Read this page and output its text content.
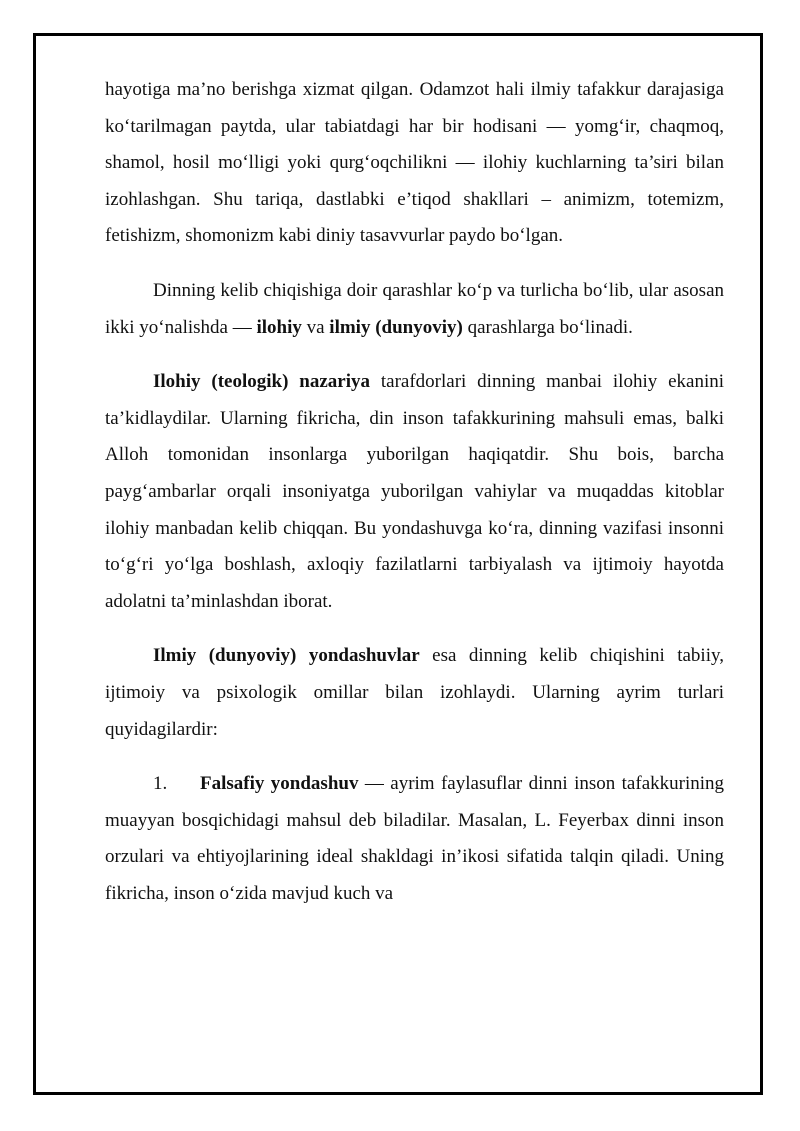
hayotiga ma’no berishga xizmat qilgan. Odamzot hali ilmiy tafakkur darajasiga ko‘tarilmagan paytda, ular tabiatdagi har bir hodisani — yomg‘ir, chaqmoq, shamol, hosil mo‘lligi yoki qurg‘oqchilikni — ilohiy kuchlarning ta’siri bilan izohlashgan. Shu tariqa, dastlabki e’tiqod shakllari – animizm, totemizm, fetishizm, shomonizm kabi diniy tasavvurlar paydo bo‘lgan.

Dinning kelib chiqishiga doir qarashlar ko‘p va turlicha bo‘lib, ular asosan ikki yo‘nalishda — ilohiy va ilmiy (dunyoviy) qarashlarga bo‘linadi.

Ilohiy (teologik) nazariya tarafdorlari dinning manbai ilohiy ekanini ta’kidlaydilar. Ularning fikricha, din inson tafakkurining mahsuli emas, balki Alloh tomonidan insonlarga yuborilgan haqiqatdir. Shu bois, barcha payg‘ambarlar orqali insoniyatga yuborilgan vahiylar va muqaddas kitoblar ilohiy manbadan kelib chiqqan. Bu yondashuvga ko‘ra, dinning vazifasi insonni to‘g‘ri yo‘lga boshlash, axloqiy fazilatlarni tarbiyalash va ijtimoiy hayotda adolatni ta’minlashdan iborat.

Ilmiy (dunyoviy) yondashuvlar esa dinning kelib chiqishini tabiiy, ijtimoiy va psixologik omillar bilan izohlaydi. Ularning ayrim turlari quyidagilardir:

1. Falsafiy yondashuv — ayrim faylasuflar dinni inson tafakkurining muayyan bosqichidagi mahsul deb biladilar. Masalan, L. Feyerbax dinni inson orzulari va ehtiyojlarining ideal shakldagi in’ikosi sifatida talqin qiladi. Uning fikricha, inson o‘zida mavjud kuch va
